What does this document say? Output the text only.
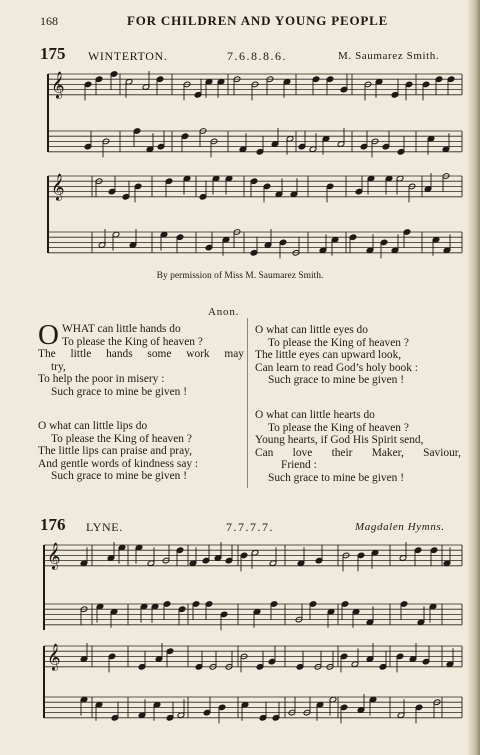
168	FOR CHILDREN AND YOUNG PEOPLE
175 WINTERTON.	7.6.8.8.6.	M. Saumarez Smith.
𝄞
𝄞
By permission of Miss M. Saumarez Smith.
Anon.
O WHAT can little hands do
To please the King of heaven ?
The little hands some work may
try,
To help the poor in misery :
Such grace to mine be given !
O what can little lips do
To please the King of heaven ?
The little lips can praise and pray,
And gentle words of kindness say :
Such grace to mine be given !
O what can little eyes do
To please the King of heaven ?
The little eyes can upward look,
Can learn to read God’s holy book :
Such grace to mine be given !
O what can little hearts do
To please the King of heaven ?
Young hearts, if God His Spirit send,
Can love their Maker, Saviour,
Friend :
Such grace to mine be given !
176 LYNE.	7.7.7.7.	Magdalen Hymns.
𝄞
𝄞
